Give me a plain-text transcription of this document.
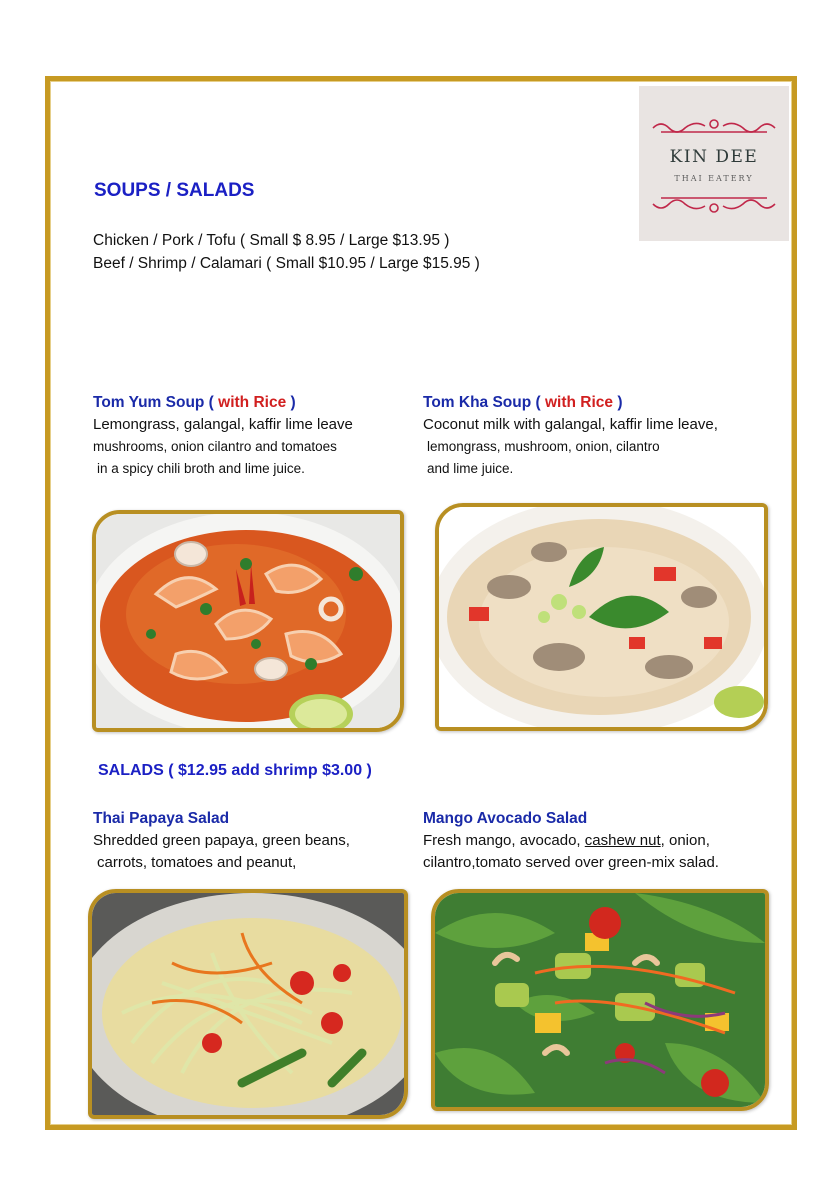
KIN DEE
THAI EATERY
SOUPS / SALADS
Chicken / Pork / Tofu ( Small $ 8.95 / Large $13.95 )
Beef / Shrimp / Calamari ( Small $10.95 / Large $15.95 )
Tom Yum Soup ( with Rice )
Lemongrass, galangal, kaffir lime leave
mushrooms, onion cilantro and tomatoes
in a spicy chili broth and lime juice.
Tom Kha Soup ( with Rice )
Coconut milk with galangal, kaffir lime leave,
lemongrass, mushroom, onion, cilantro
and lime juice.
SALADS ( $12.95 add shrimp $3.00 )
Thai Papaya Salad
Shredded green papaya, green beans,
carrots, tomatoes and peanut,
Mango Avocado Salad
Fresh mango, avocado, cashew nut, onion,
cilantro,tomato served over green-mix salad.
